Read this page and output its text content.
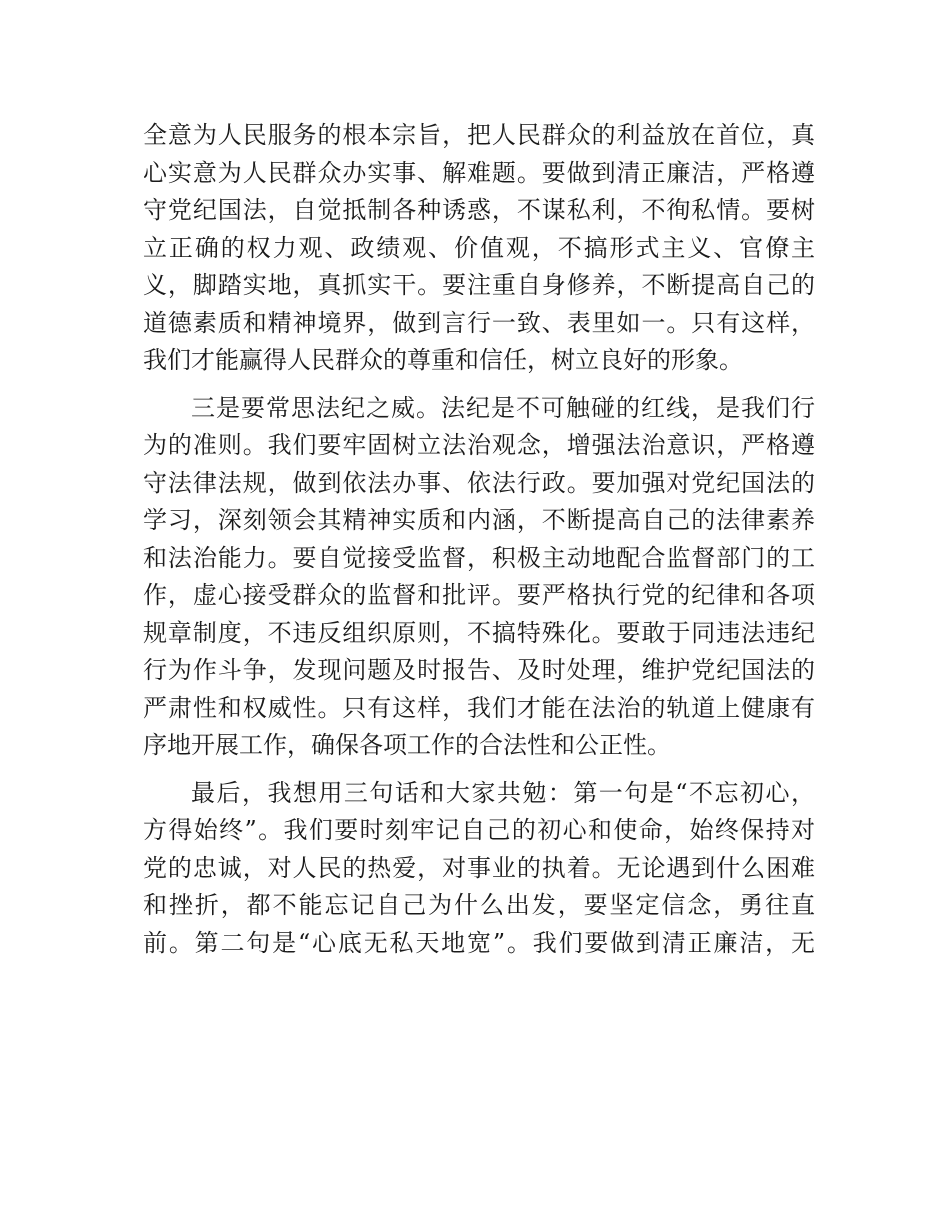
全意为人民服务的根本宗旨，把人民群众的利益放在首位，真
心实意为人民群众办实事、解难题。要做到清正廉洁，严格遵
守党纪国法，自觉抵制各种诱惑，不谋私利，不徇私情。要树
立正确的权力观、政绩观、价值观，不搞形式主义、官僚主
义，脚踏实地，真抓实干。要注重自身修养，不断提高自己的
道德素质和精神境界，做到言行一致、表里如一。只有这样，
我们才能赢得人民群众的尊重和信任，树立良好的形象。
三是要常思法纪之威。法纪是不可触碰的红线，是我们行
为的准则。我们要牢固树立法治观念，增强法治意识，严格遵
守法律法规，做到依法办事、依法行政。要加强对党纪国法的
学习，深刻领会其精神实质和内涵，不断提高自己的法律素养
和法治能力。要自觉接受监督，积极主动地配合监督部门的工
作，虚心接受群众的监督和批评。要严格执行党的纪律和各项
规章制度，不违反组织原则，不搞特殊化。要敢于同违法违纪
行为作斗争，发现问题及时报告、及时处理，维护党纪国法的
严肃性和权威性。只有这样，我们才能在法治的轨道上健康有
序地开展工作，确保各项工作的合法性和公正性。
最后，我想用三句话和大家共勉：第一句是“不忘初心，
方得始终”。我们要时刻牢记自己的初心和使命，始终保持对
党的忠诚，对人民的热爱，对事业的执着。无论遇到什么困难
和挫折，都不能忘记自己为什么出发，要坚定信念，勇往直
前。第二句是“心底无私天地宽”。我们要做到清正廉洁，无
